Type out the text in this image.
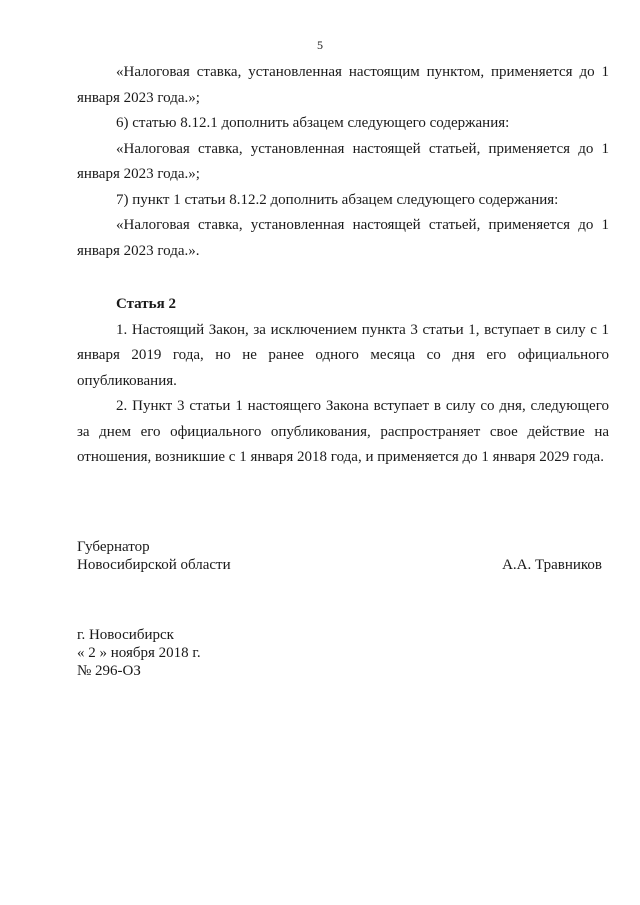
5

«Налоговая ставка, установленная настоящим пунктом, применяется до 1 января 2023 года.»;

6) статью 8.12.1 дополнить абзацем следующего содержания:

«Налоговая ставка, установленная настоящей статьей, применяется до 1 января 2023 года.»;

7) пункт 1 статьи 8.12.2 дополнить абзацем следующего содержания:

«Налоговая ставка, установленная настоящей статьей, применяется до 1 января 2023 года.».

Статья 2

1. Настоящий Закон, за исключением пункта 3 статьи 1, вступает в силу с 1 января 2019 года, но не ранее одного месяца со дня его официального опубликования.

2. Пункт 3 статьи 1 настоящего Закона вступает в силу со дня, следующего за днем его официального опубликования, распространяет свое действие на отношения, возникшие с 1 января 2018 года, и применяется до 1 января 2029 года.

Губернатор
Новосибирской области	А.А. Травников
г. Новосибирск
« 2 » ноября 2018 г.
№ 296-ОЗ
